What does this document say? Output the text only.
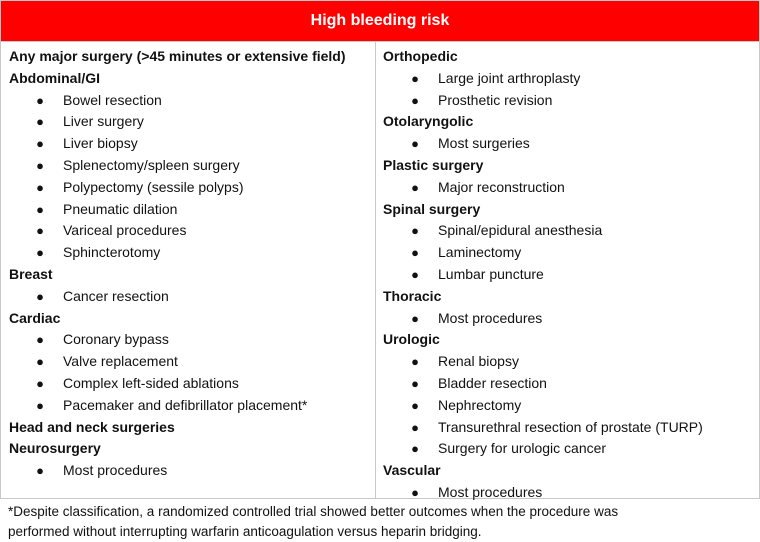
High bleeding risk
Any major surgery (>45 minutes or extensive field)
Abdominal/GI
● Bowel resection
● Liver surgery
● Liver biopsy
● Splenectomy/spleen surgery
● Polypectomy (sessile polyps)
● Pneumatic dilation
● Variceal procedures
● Sphincterotomy
Breast
● Cancer resection
Cardiac
● Coronary bypass
● Valve replacement
● Complex left-sided ablations
● Pacemaker and defibrillator placement*
Head and neck surgeries
Neurosurgery
● Most procedures
Orthopedic
● Large joint arthroplasty
● Prosthetic revision
Otolaryngolic
● Most surgeries
Plastic surgery
● Major reconstruction
Spinal surgery
● Spinal/epidural anesthesia
● Laminectomy
● Lumbar puncture
Thoracic
● Most procedures
Urologic
● Renal biopsy
● Bladder resection
● Nephrectomy
● Transurethral resection of prostate (TURP)
● Surgery for urologic cancer
Vascular
● Most procedures
*Despite classification, a randomized controlled trial showed better outcomes when the procedure was
performed without interrupting warfarin anticoagulation versus heparin bridging.
